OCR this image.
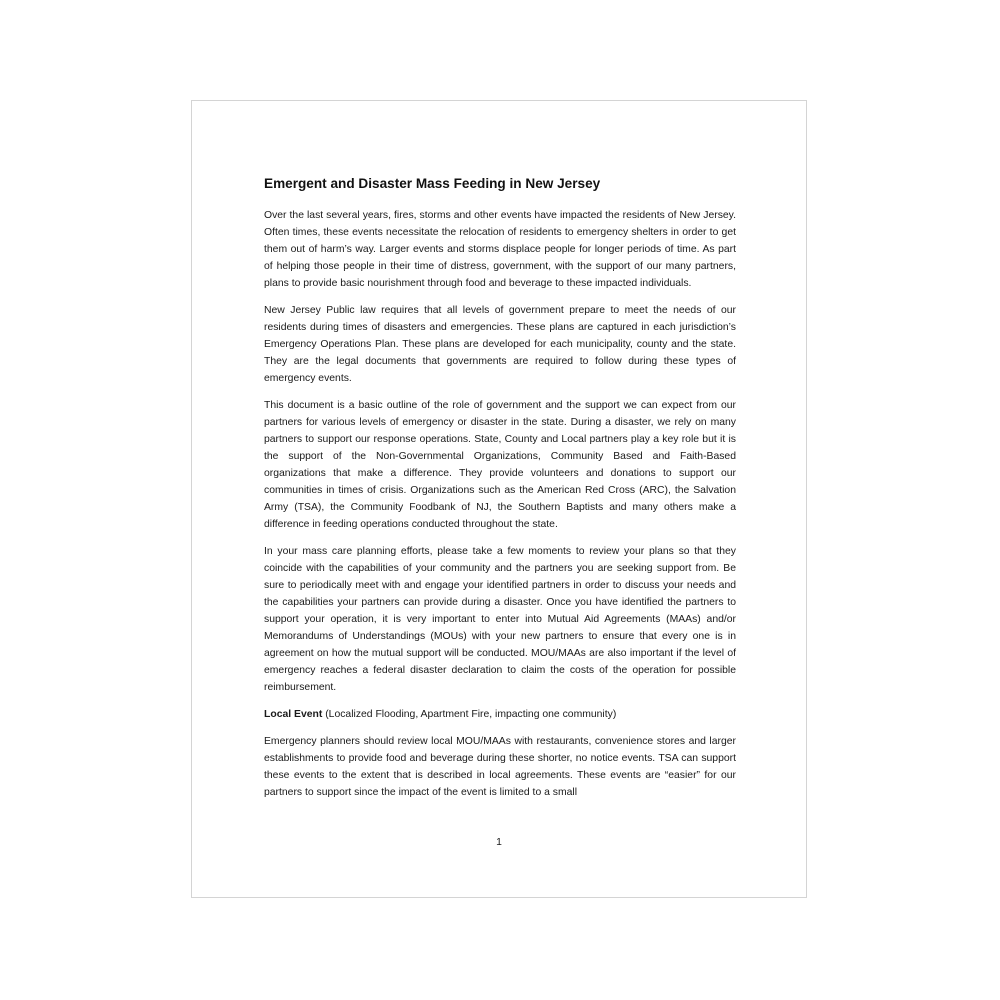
Emergent and Disaster Mass Feeding in New Jersey

Over the last several years, fires, storms and other events have impacted the residents of New Jersey. Often times, these events necessitate the relocation of residents to emergency shelters in order to get them out of harm’s way. Larger events and storms displace people for longer periods of time. As part of helping those people in their time of distress, government, with the support of our many partners, plans to provide basic nourishment through food and beverage to these impacted individuals.

New Jersey Public law requires that all levels of government prepare to meet the needs of our residents during times of disasters and emergencies. These plans are captured in each jurisdiction’s Emergency Operations Plan. These plans are developed for each municipality, county and the state. They are the legal documents that governments are required to follow during these types of emergency events.

This document is a basic outline of the role of government and the support we can expect from our partners for various levels of emergency or disaster in the state. During a disaster, we rely on many partners to support our response operations. State, County and Local partners play a key role but it is the support of the Non-Governmental Organizations, Community Based and Faith-Based organizations that make a difference. They provide volunteers and donations to support our communities in times of crisis. Organizations such as the American Red Cross (ARC), the Salvation Army (TSA), the Community Foodbank of NJ, the Southern Baptists and many others make a difference in feeding operations conducted throughout the state.

In your mass care planning efforts, please take a few moments to review your plans so that they coincide with the capabilities of your community and the partners you are seeking support from. Be sure to periodically meet with and engage your identified partners in order to discuss your needs and the capabilities your partners can provide during a disaster. Once you have identified the partners to support your operation, it is very important to enter into Mutual Aid Agreements (MAAs) and/or Memorandums of Understandings (MOUs) with your new partners to ensure that every one is in agreement on how the mutual support will be conducted. MOU/MAAs are also important if the level of emergency reaches a federal disaster declaration to claim the costs of the operation for possible reimbursement.

Local Event (Localized Flooding, Apartment Fire, impacting one community)

Emergency planners should review local MOU/MAAs with restaurants, convenience stores and larger establishments to provide food and beverage during these shorter, no notice events. TSA can support these events to the extent that is described in local agreements. These events are “easier” for our partners to support since the impact of the event is limited to a small

1
